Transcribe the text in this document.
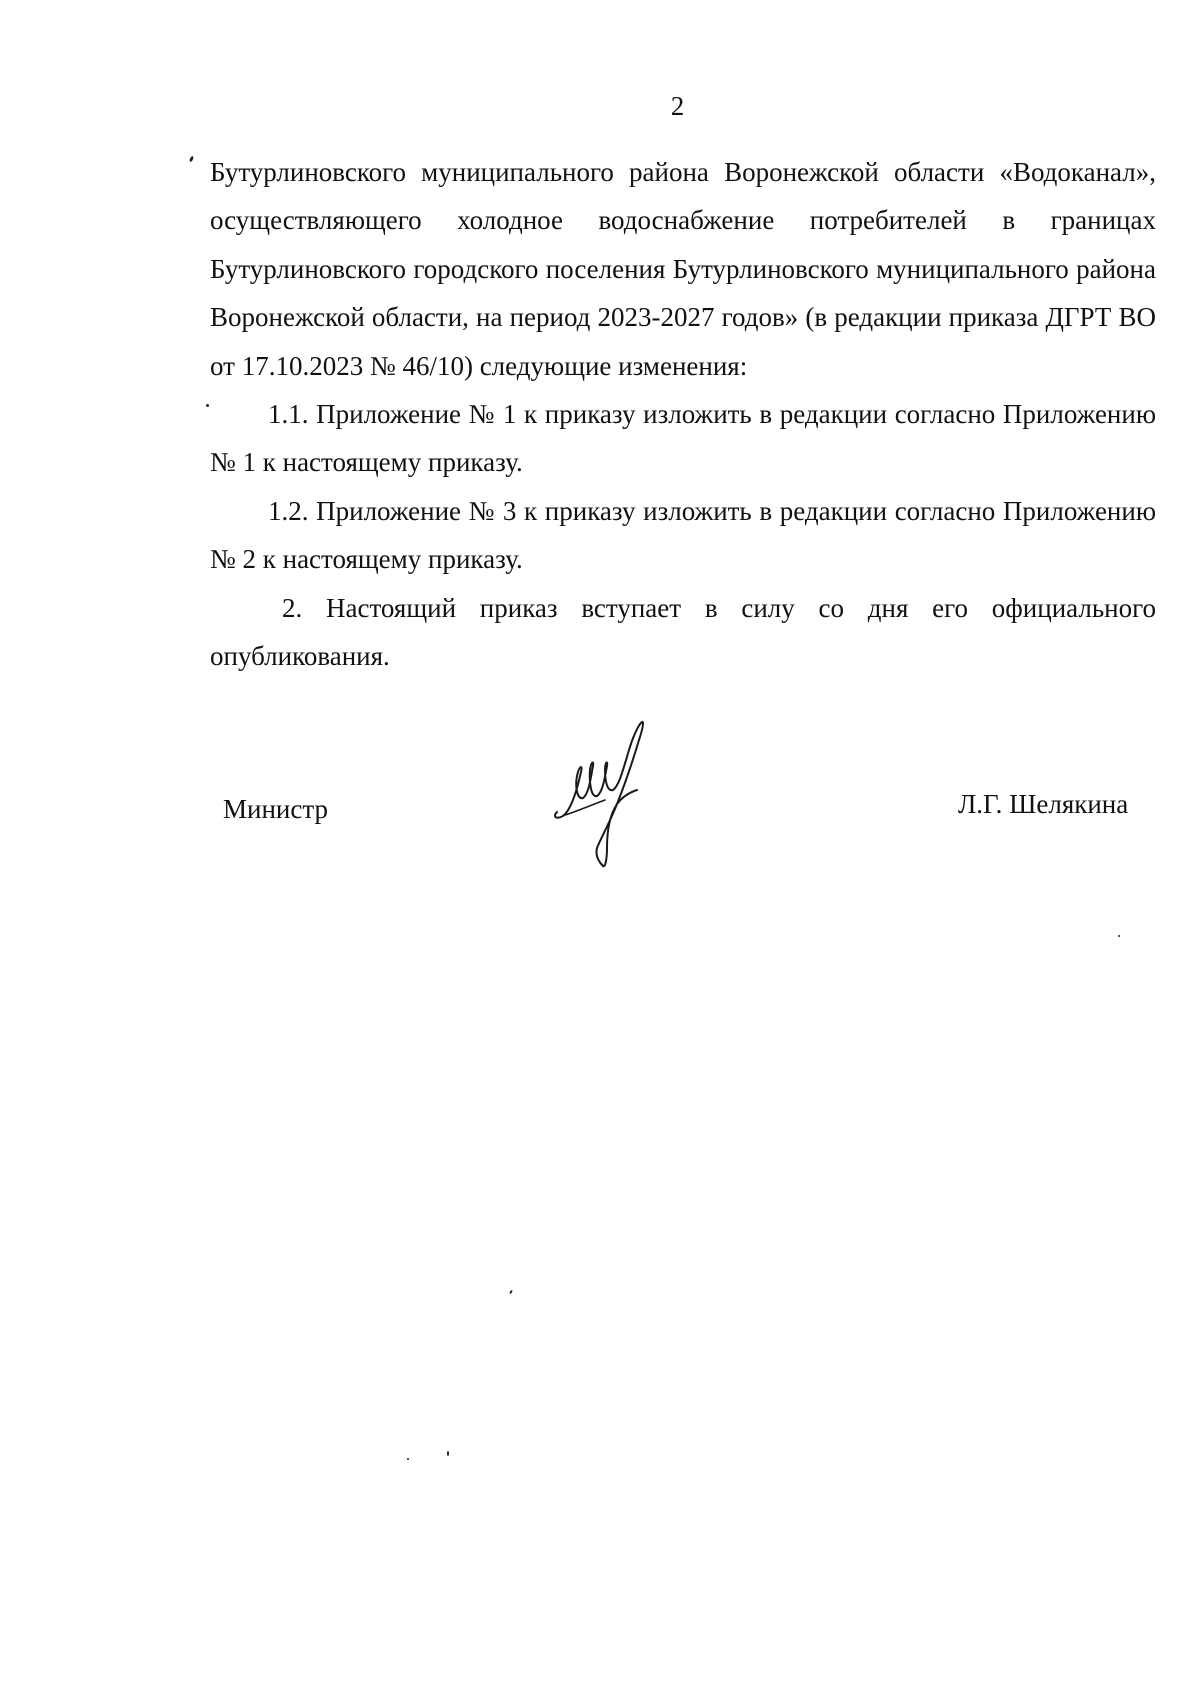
2

Бутурлиновского муниципального района Воронежской области «Водоканал», осуществляющего холодное водоснабжение потребителей в границах Бутурлиновского городского поселения Бутурлиновского муниципального района Воронежской области, на период 2023-2027 годов» (в редакции приказа ДГРТ ВО от 17.10.2023 № 46/10) следующие изменения:

1.1. Приложение № 1 к приказу изложить в редакции согласно Приложению № 1 к настоящему приказу.

1.2. Приложение № 3 к приказу изложить в редакции согласно Приложению № 2 к настоящему приказу.

2. Настоящий приказ вступает в силу со дня его официального опубликования.

Министр	Л.Г. Шелякина
